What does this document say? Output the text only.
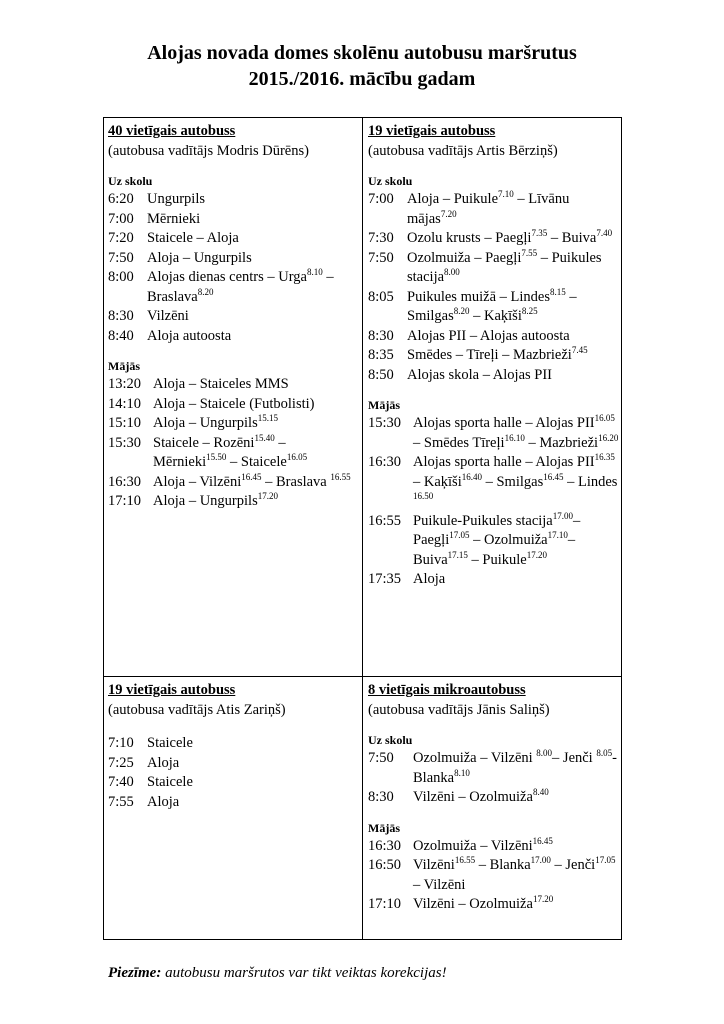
Alojas novada domes skolēnu autobusu maršrutus
2015./2016. mācību gadam
40 vietīgais autobuss
(autobusa vadītājs Modris Dūrēns)
Uz skolu
6:20 Ungurpils
7:00 Mērnieki
7:20 Staicele – Aloja
7:50 Aloja – Ungurpils
8:00 Alojas dienas centrs – Urga$^{8.10}$ –Braslava$^{8.20}$
8:30 Vilzēni
8:40 Aloja autoosta
Mājās
13:20 Aloja – Staiceles MMS
14:10 Aloja – Staicele (Futbolisti)
15:10 Aloja – Ungurpils$^{15.15}$
15:30 Staicele – Rozēni$^{15.40}$ – Mērnieki$^{15.50}$ – Staicele$^{16.05}$
16:30 Aloja – Vilzēni$^{16.45}$ – Braslava $^{16.55}$
17:10 Aloja – Ungurpils$^{17.20}$
19 vietīgais autobuss
(autobusa vadītājs Artis Bērziņš)
Uz skolu
7:00 Aloja – Puikule$^{7.10}$ – Līvānu mājas$^{7.20}$
7:30 Ozolu krusts – Paegļi$^{7.35}$ – Buiva$^{7.40}$
7:50 Ozolmuiža – Paegļi$^{7.55}$ – Puikules stacija$^{8.00}$
8:05 Puikules muižā – Lindes$^{8.15}$ – Smilgas$^{8.20}$ – Kaķīši$^{8.25}$
8:30 Alojas PII – Alojas autoosta
8:35 Smēdes – Tīreļi – Mazbrieži$^{7.45}$
8:50 Alojas skola – Alojas PII
Mājās
15:30 Alojas sporta halle – Alojas $PII^{16.05}$ – Smēdes Tīreļi$^{16.10}$ – Mazbrieži$^{16.20}$
16:30 Alojas sporta halle – Alojas $PII^{16.35}$ – Kaķīši$^{16.40}$ – Smilgas$^{16.45}$ – Lindes $^{16.50}$
16:55 Puikule-Puikules stacija$^{17.00}$– Paegļi$^{17.05}$ – Ozolmuiža$^{17.10}$– Buiva$^{17.15}$ – Puikule$^{17.20}$
17:35 Aloja
19 vietīgais autobuss
(autobusa vadītājs Atis Zariņš)
7:10 Staicele
7:25 Aloja
7:40 Staicele
7:55 Aloja
8 vietīgais mikroautobuss
(autobusa vadītājs Jānis Saliņš)
Uz skolu
7:50	Ozolmuiža – Vilzēni $^{8.00}$– Jenči $^{8.05}$- Blanka$^{8.10}$
8:30	Vilzēni – Ozolmuiža$^{8.40}$
Mājās
16:30 Ozolmuiža – Vilzēni$^{16.45}$
16:50 Vilzēni$^{16.55}$ – Blanka$^{17.00}$ – Jenči$^{17.05}$ – Vilzēni
17:10 Vilzēni – Ozolmuiža$^{17.20}$
Piezīme: autobusu maršrutos var tikt veiktas korekcijas!
